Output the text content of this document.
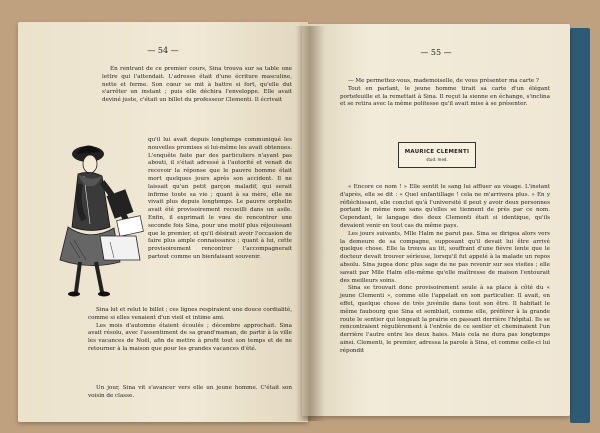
— 54 —

En rentrant de ce premier cours, Sina trouva sur sa table une lettre qui l'attendait. L'adresse était d'une écriture masculine, nette et ferme. Son cœur se mit à battre si fort, qu'elle dut s'arrêter un instant ; puis elle déchira l'enveloppe. Elle avait deviné juste, c'était un billet du professeur Clementi. Il écrivait

qu'il lui avait depuis longtemps communiqué les nouvelles promises si lui-même les avait obtenues. L'enquête faite par des particuliers n'ayant pas abouti, il s'était adressé à l'autorité et venait de recevoir la réponse que le pauvre homme était mort quelques jours après son accident. Il ne laissait qu'un petit garçon maladif, qui serait infirme toute sa vie ; quant à sa mère, elle ne vivait plus depuis longtemps. Le pauvre orphelin avait été provisoirement recueilli dans un asile. Enfin, il exprimait le vœu de rencontrer une seconde fois Sina, pour une motif plus réjouissant que le premier, et qu'il désirait avoir l'occasion de faire plus ample connaissance ; quant à lui, cette provisoirement rencontrer l'accompagnerait partout comme un bienfaisant souvenir.

Sina lut et relut le billet ; ces lignes respiraient une douce cordialité, comme si elles venaient d'un vieil et intime ami.

Les mois d'automne étaient écoulés ; décembre approchait. Sina avait résolu, avec l'assentiment de sa grand'maman, de partir à la ville les vacances de Noël, afin de mettre à profit tout son temps et de ne retourner à la maison que pour les grandes vacances d'été.

Un jour, Sina vit s'avancer vers elle un jeune homme. C'était son voisin de classe.

— 55 —

— Me permettez-vous, mademoiselle, de vous présenter ma carte ?

Tout en parlant, le jeune homme tirait sa carte d'un élégant portefeuille et la remettait à Sina. Il reçut la sienne en échange, s'inclina et se retira avec la même politesse qu'il avait mise à se présenter.

MAURICE CLEMENTI
stud. med.

« Encore ce nom ! » Elle sentit le sang lui affluer au visage. L'instant d'après, elle se dit : « Quel enfantillage ! cela ne m'arrivera plus. » En y réfléchissant, elle conclut qu'à l'université il peut y avoir deux personnes portant le même nom sans qu'elles se tiennent de près par ce nom. Cependant, le langage des deux Clementi était si identique, qu'ils devaient venir en tout cas du même pays.

Les jours suivants, Mlle Halm ne parut pas. Sina se dirigea alors vers la demeure de sa compagne, supposant qu'il devait lui être arrivé quelque chose. Elle la trouva au lit, souffrant d'une fièvre lente que le docteur devait trouver sérieuse, lorsqu'il fut appelé à la malade un repos absolu. Sina jugea donc plus sage de ne pas revenir sur ses visites ; elle savait par Mlle Halm elle-même qu'elle maîtresse de maison l'entourait des meilleurs soins.

Sina se trouvait donc provisoirement seule à sa place à côté du « jeune Clementi », comme elle l'appelait en son particulier. Il avait, en effet, quelque chose de très juvénile dans tout son être. Il habitait le même faubourg que Sina et semblait, comme elle, préférer à la grande route le sentier qui longeait la prairie en passant derrière l'hôpital. Ils se rencontraient régulièrement à l'entrée de ce sentier et cheminaient l'un derrière l'autre entre les deux haies. Mais cela ne dura pas longtemps ainsi. Clementi, le premier, adressa la parole à Sina, et comme celle-ci lui répondit
